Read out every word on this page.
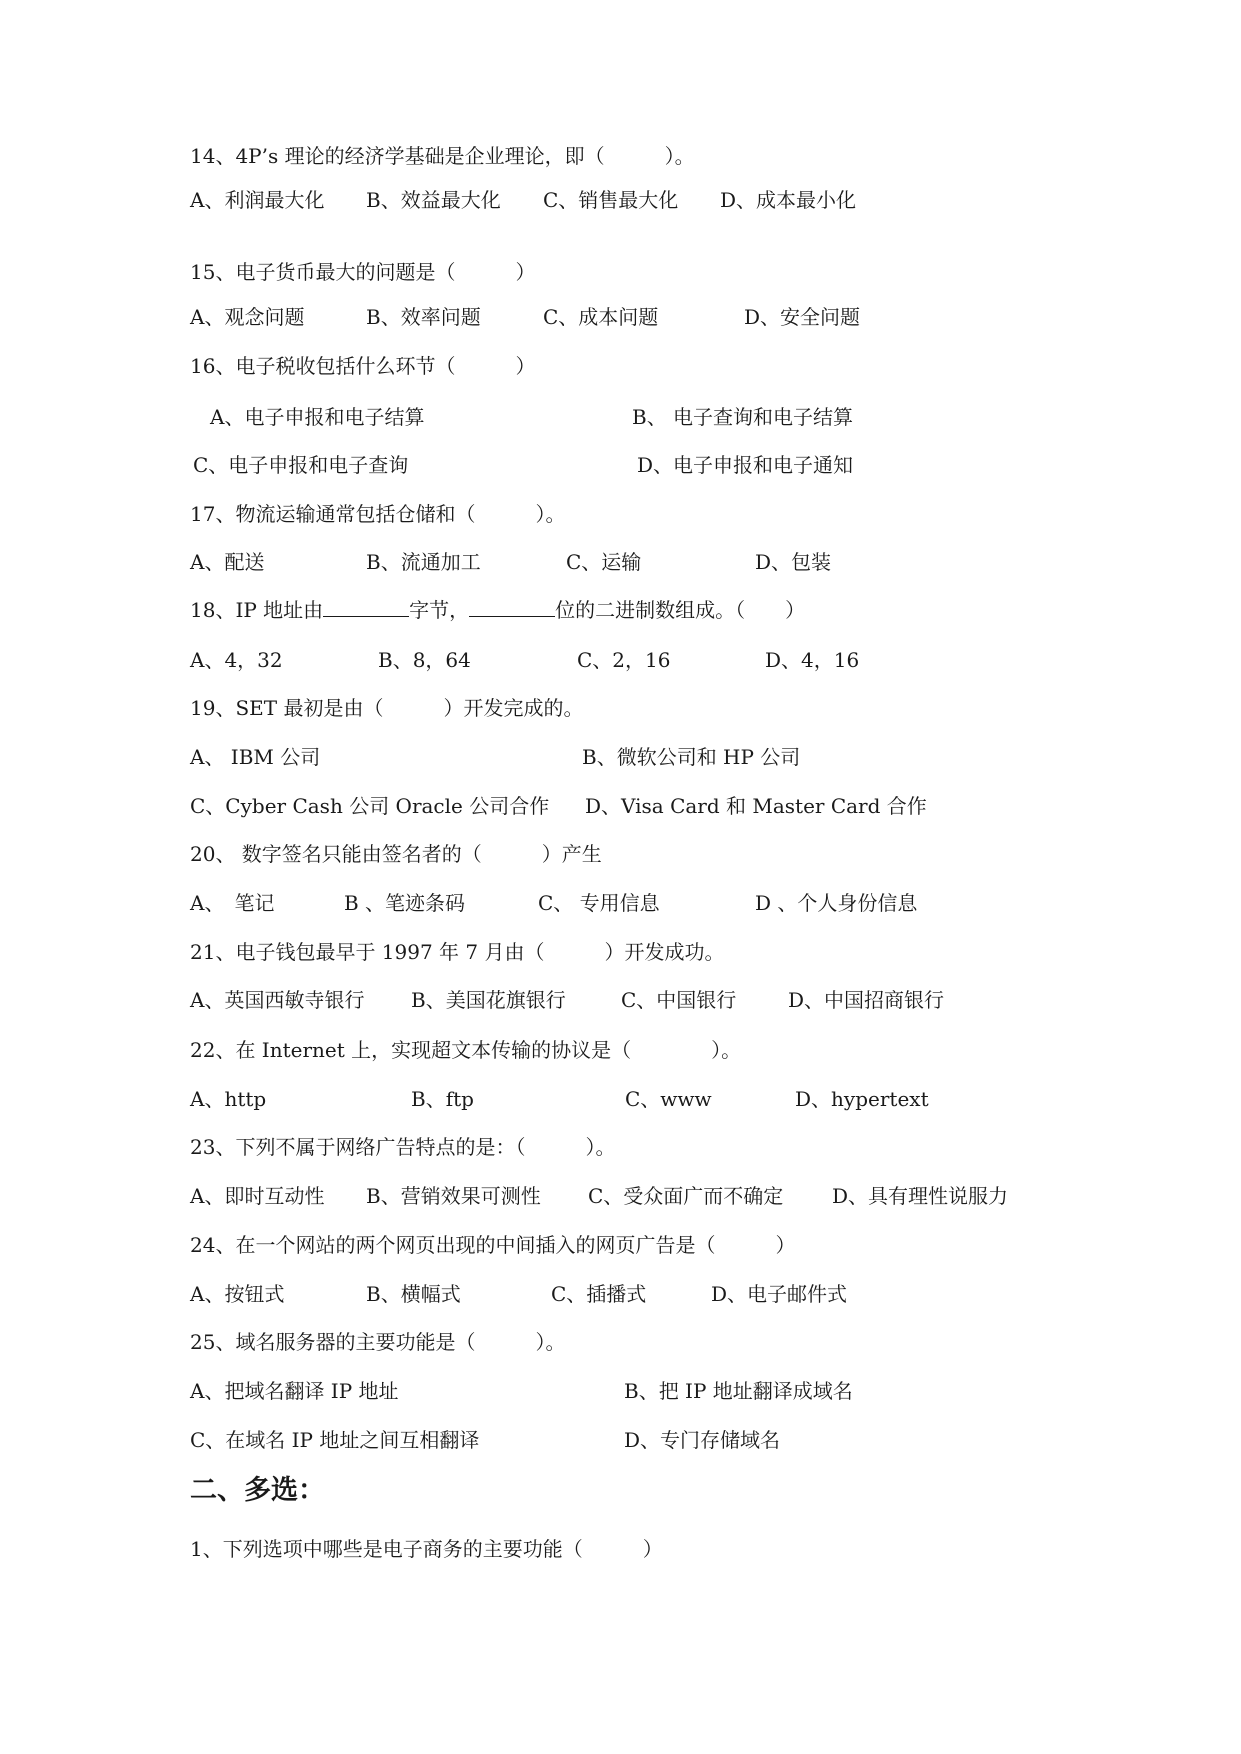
14、4P’s 理论的经济学基础是企业理论，即（　　　）。

A、利润最大化

B、效益最大化

C、销售最大化

D、成本最小化

15、电子货币最大的问题是（　　　）

A、观念问题

	B、效率问题

	C、成本问题

	D、安全问题

16、电子税收包括什么环节（　　　）

A、电子申报和电子结算

	B、 电子查询和电子结算

C、电子申报和电子查询

	D、电子申报和电子通知

17、物流运输通常包括仓储和（　　　）。

A、配送

	B、流通加工

	C、运输

	D、包装

18、IP 地址由	字节，	位的二进制数组成。（　　）

A、4，32

	B、8，64

	C、2，16

	D、4，16

19、SET 最初是由（　　　）开发完成的。

A、 IBM 公司

	B、微软公司和 HP 公司

C、Cyber Cash 公司 Oracle 公司合作

D、Visa Card 和 Master Card 合作

20、 数字签名只能由签名者的（　　　）产生

A、　笔记

	B 、笔迹条码

	C、 专用信息

	D 、个人身份信息

21、电子钱包最早于 1997 年 7 月由（　　　）开发成功。

A、英国西敏寺银行

B、美国花旗银行

	C、中国银行

	D、中国招商银行

22、在 Internet 上，实现超文本传输的协议是（　　　　）。

A、http

	B、ftp

	C、www

	D、hypertext

23、下列不属于网络广告特点的是：（　　　）。

A、即时互动性

B、营销效果可测性

C、受众面广而不确定

D、具有理性说服力

24、在一个网站的两个网页出现的中间插入的网页广告是（　　　）

A、按钮式

	B、横幅式

	C、插播式

	D、电子邮件式

25、域名服务器的主要功能是（　　　）。

A、把域名翻译 IP 地址

	B、把 IP 地址翻译成域名

C、在域名 IP 地址之间互相翻译

	D、专门存储域名

二、多选：

1、下列选项中哪些是电子商务的主要功能（　　　）
